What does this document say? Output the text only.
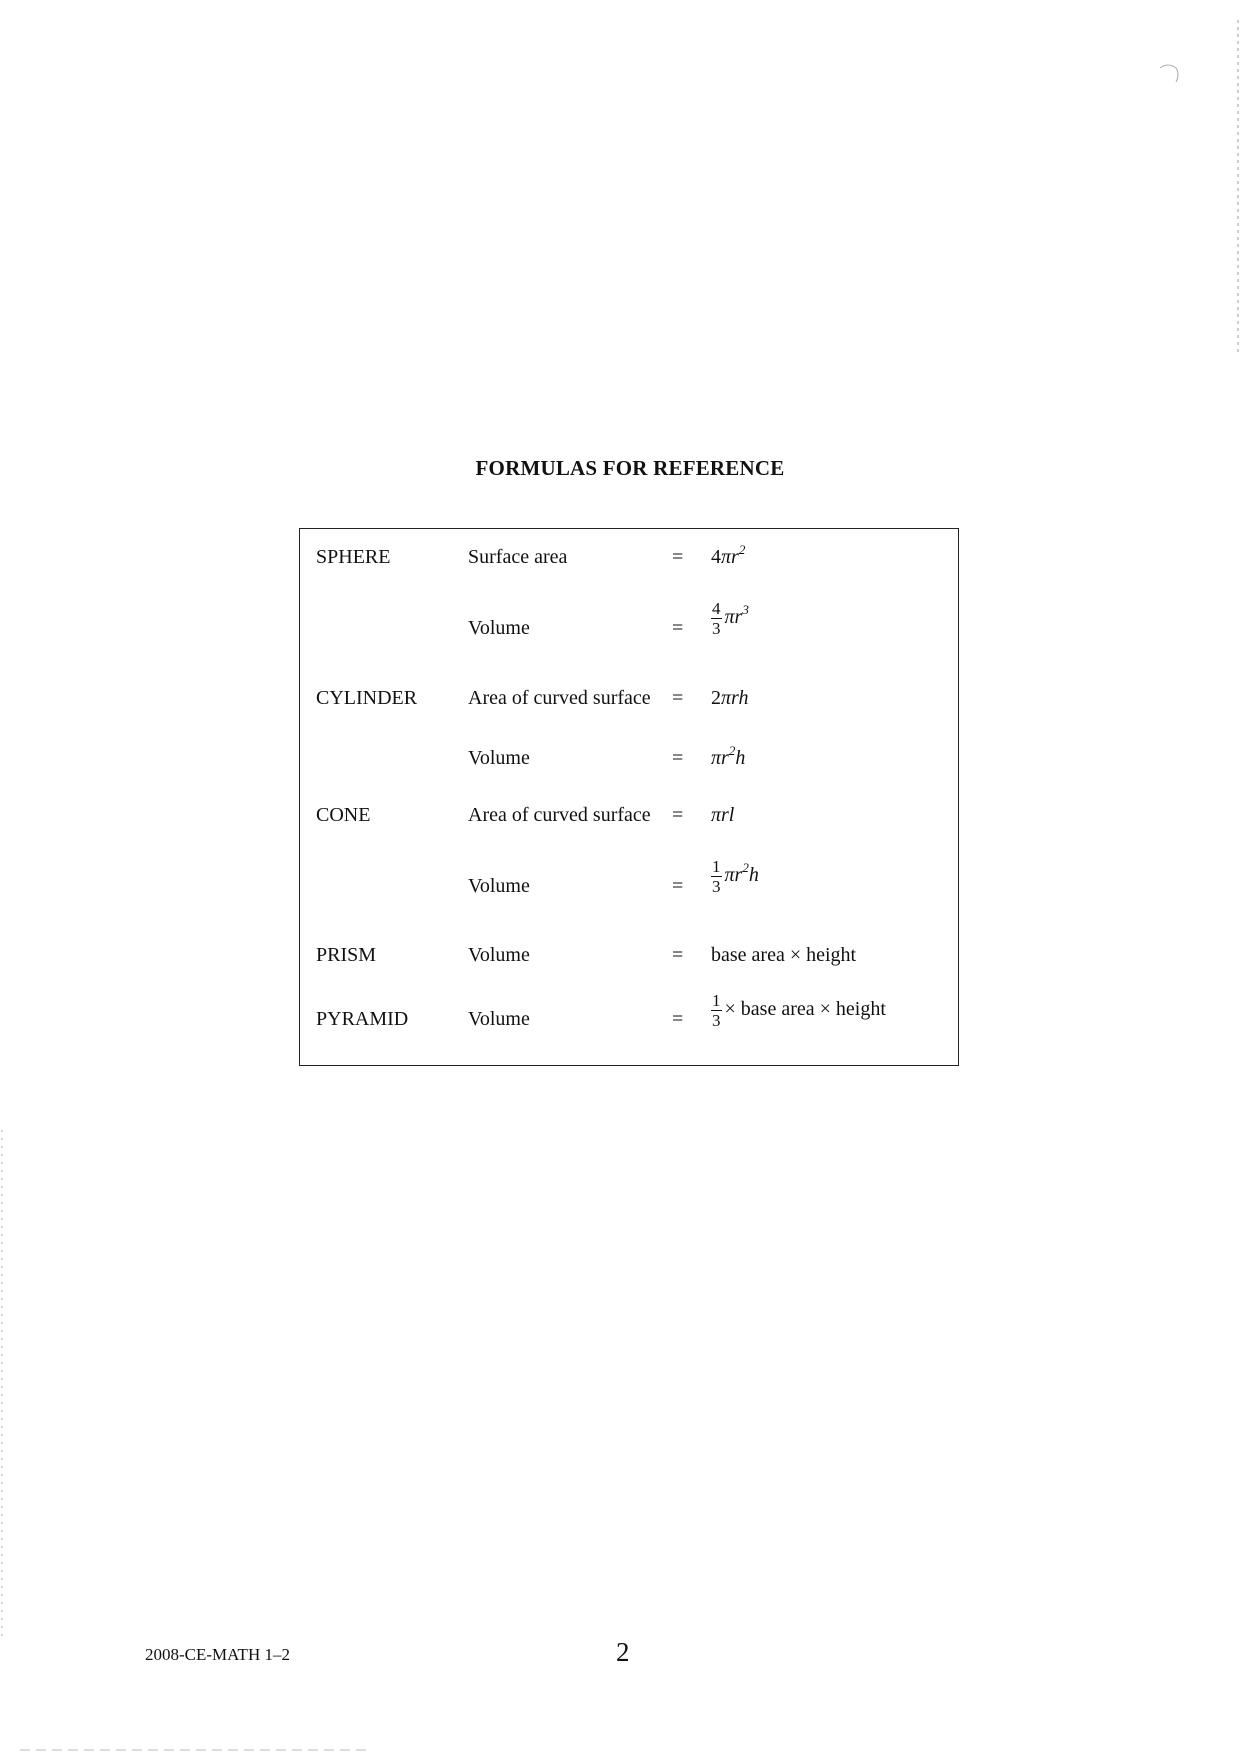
FORMULAS FOR REFERENCE
SPHERE	Surface area	= $4\pi r^2$
Volume	= $\frac{4}{3} \pi r^3$
CYLINDER	Area of curved surface = 2πrh
Volume	= $\pi r^2h$
CONE	Area of curved surface = πrl
Volume	= $\frac{1}{3} \pi r^2h$
PRISM	Volume	= base area × height
PYRAMID	Volume	= $\frac{1}{3}$ × base area × height
2008-CE-MATH 1–2	2
